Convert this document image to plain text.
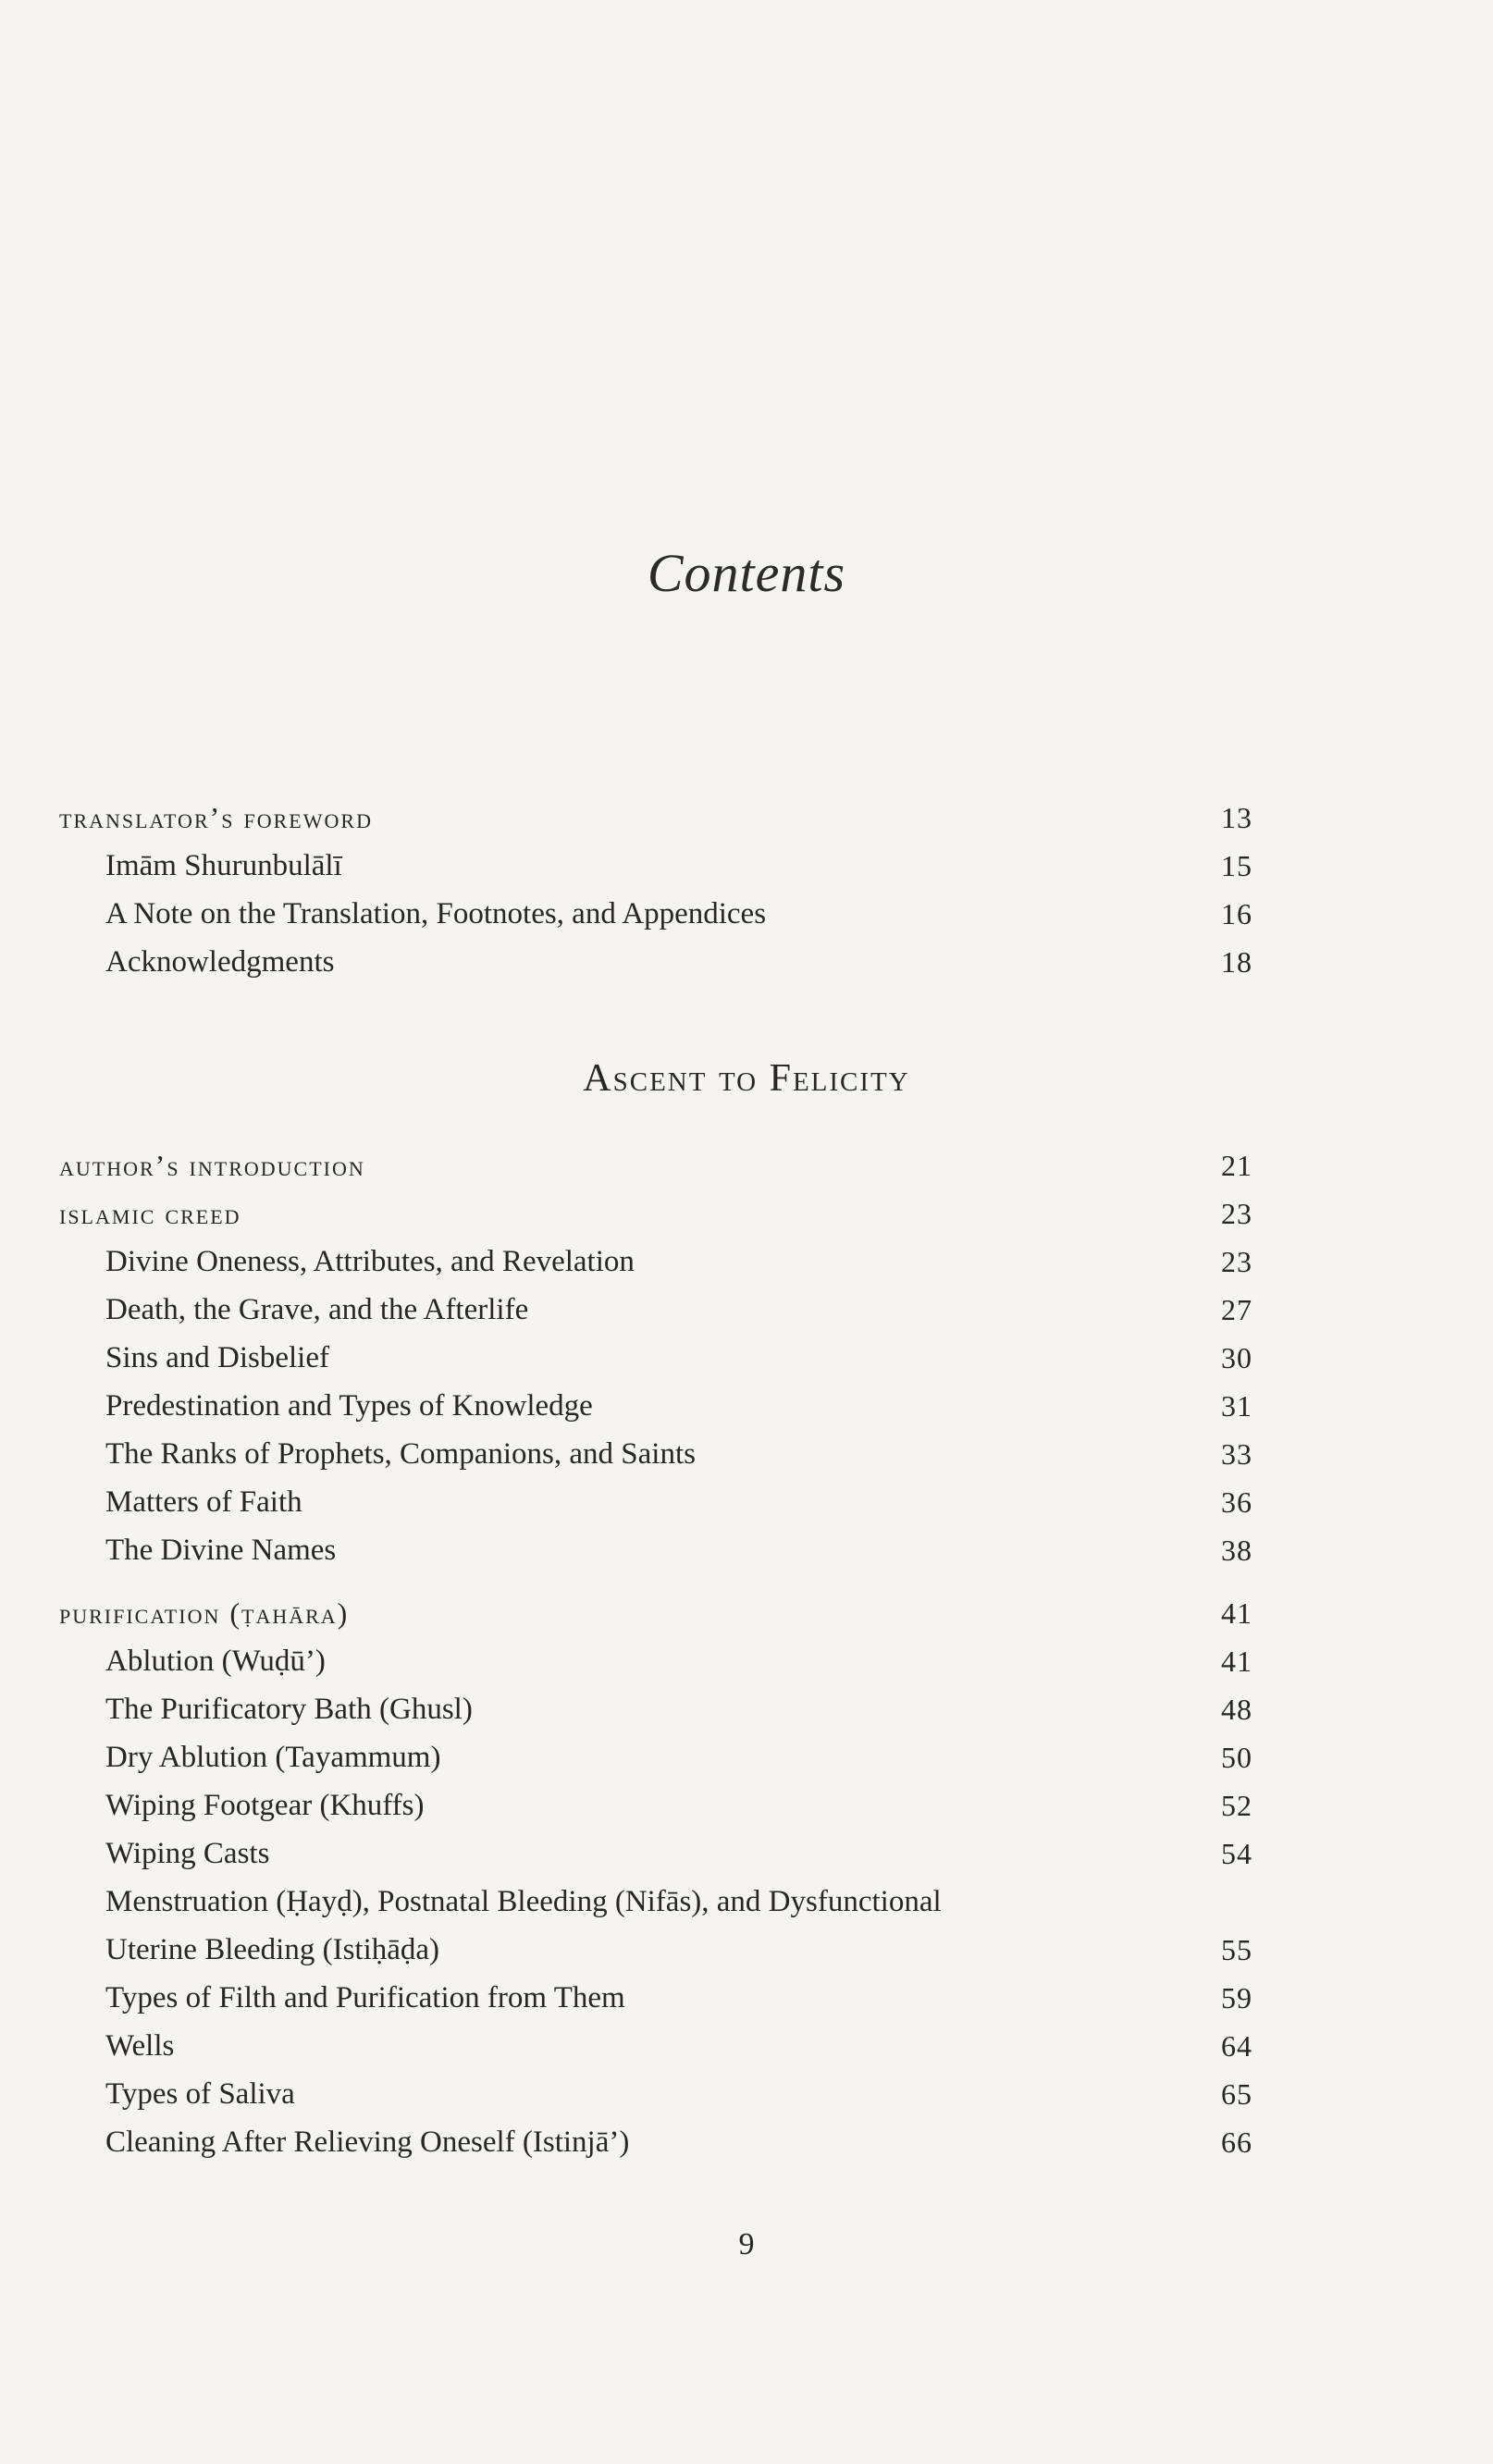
Contents
translator’s foreword	13
Imām Shurunbulālī	15
A Note on the Translation, Footnotes, and Appendices	16
Acknowledgments	18
Ascent to Felicity
author’s introduction	21
islamic creed	23
Divine Oneness, Attributes, and Revelation	23
Death, the Grave, and the Afterlife	27
Sins and Disbelief	30
Predestination and Types of Knowledge	31
The Ranks of Prophets, Companions, and Saints	33
Matters of Faith	36
The Divine Names	38
purification (ṭahāra)	41
Ablution (Wuḍū’)	41
The Purificatory Bath (Ghusl)	48
Dry Ablution (Tayammum)	50
Wiping Footgear (Khuffs)	52
Wiping Casts	54
Menstruation (Ḥayḍ), Postnatal Bleeding (Nifās), and Dysfunctional
Uterine Bleeding (Istiḥāḍa)	55
Types of Filth and Purification from Them	59
Wells	64
Types of Saliva	65
Cleaning After Relieving Oneself (Istinjā’)	66
9
